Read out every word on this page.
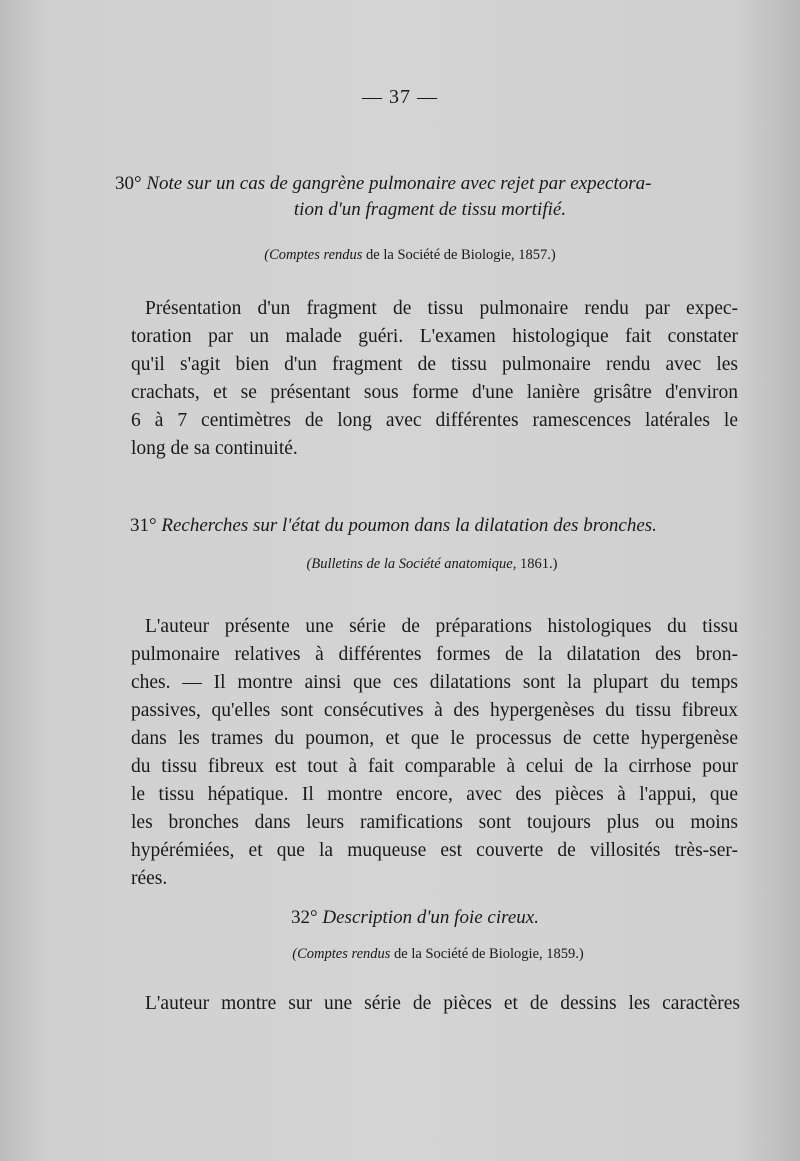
— 37 —
30° Note sur un cas de gangrène pulmonaire avec rejet par expectora-
tion d'un fragment de tissu mortifié.
(Comptes rendus de la Société de Biologie, 1857.)
Présentation d'un fragment de tissu pulmonaire rendu par expec-
toration par un malade guéri. L'examen histologique fait constater
qu'il s'agit bien d'un fragment de tissu pulmonaire rendu avec les
crachats, et se présentant sous forme d'une lanière grisâtre d'environ
6 à 7 centimètres de long avec différentes ramescences latérales le
long de sa continuité.
31° Recherches sur l'état du poumon dans la dilatation des bronches.
(Bulletins de la Société anatomique, 1861.)
L'auteur présente une série de préparations histologiques du tissu
pulmonaire relatives à différentes formes de la dilatation des bron-
ches. — Il montre ainsi que ces dilatations sont la plupart du temps
passives, qu'elles sont consécutives à des hypergenèses du tissu fibreux
dans les trames du poumon, et que le processus de cette hypergenèse
du tissu fibreux est tout à fait comparable à celui de la cirrhose pour
le tissu hépatique. Il montre encore, avec des pièces à l'appui, que
les bronches dans leurs ramifications sont toujours plus ou moins
hypérémiées, et que la muqueuse est couverte de villosités très-ser-
rées.
32° Description d'un foie cireux.
(Comptes rendus de la Société de Biologie, 1859.)
L'auteur montre sur une série de pièces et de dessins les caractères
